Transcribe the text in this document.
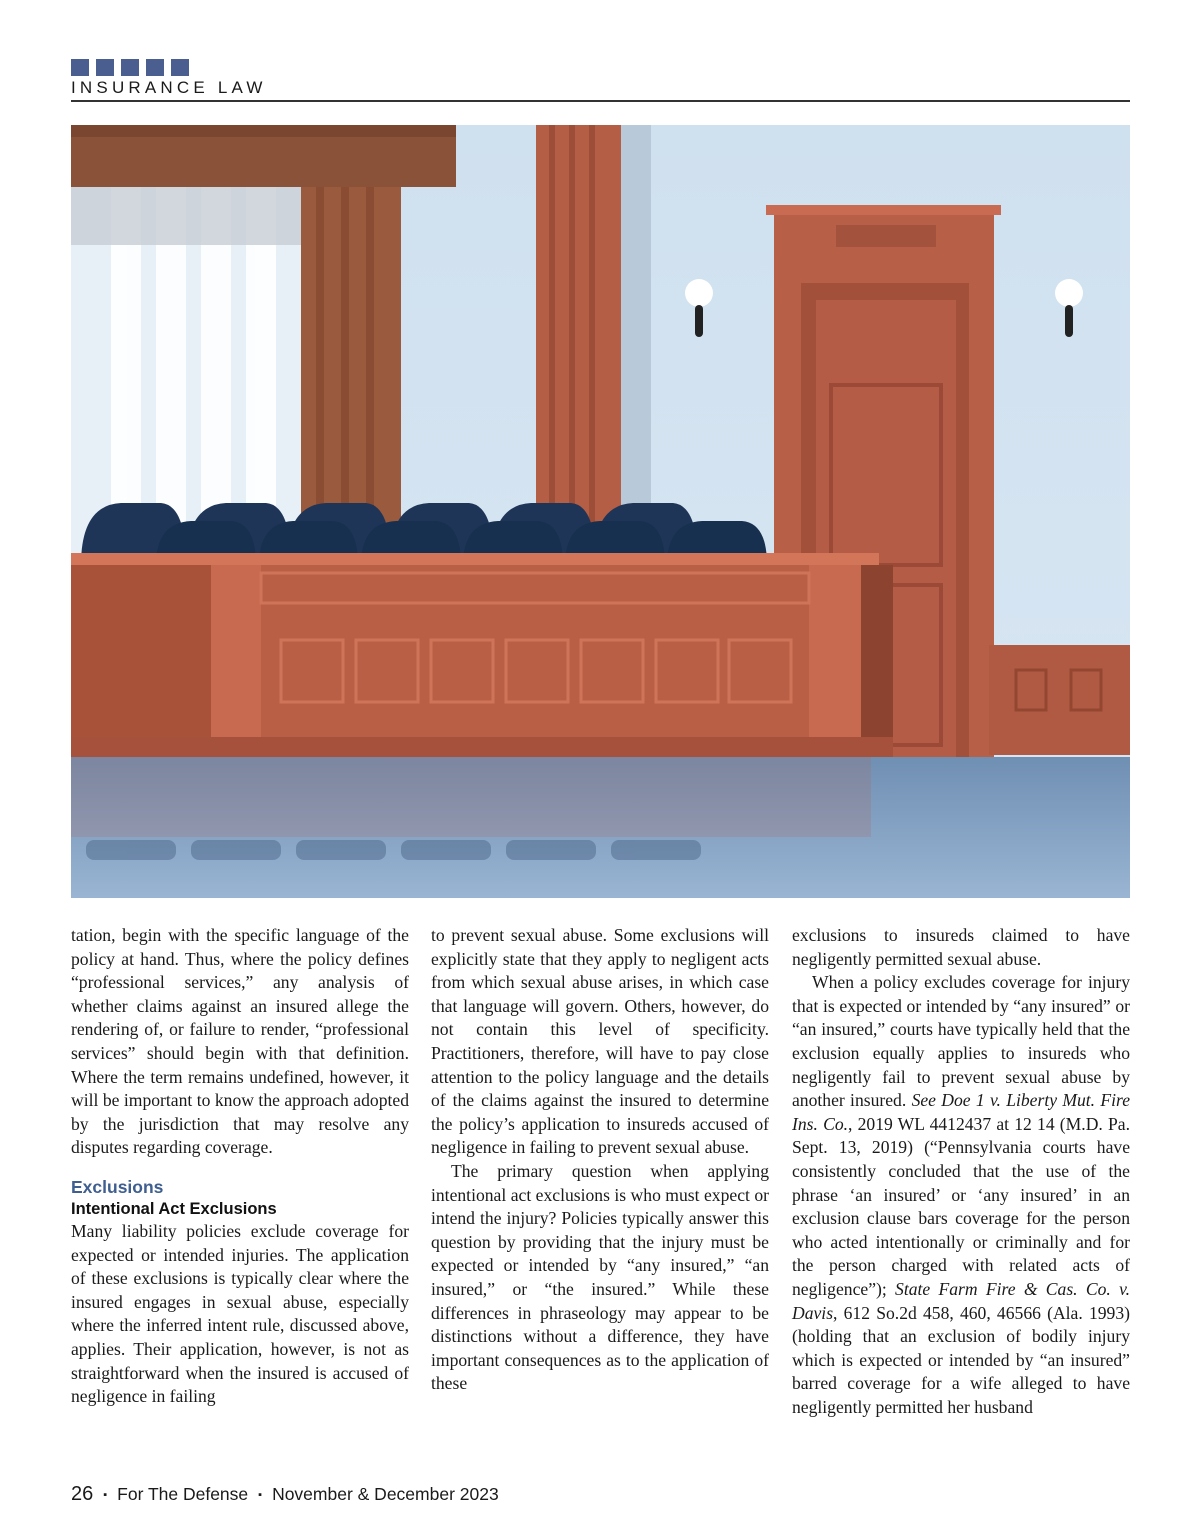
INSURANCE LAW

tation, begin with the specific language of the policy at hand. Thus, where the policy defines “professional services,” any analysis of whether claims against an insured allege the rendering of, or failure to render, “professional services” should begin with that definition. Where the term remains undefined, however, it will be important to know the approach adopted by the jurisdiction that may resolve any disputes regarding coverage.

Exclusions
Intentional Act Exclusions

Many liability policies exclude coverage for expected or intended injuries. The application of these exclusions is typically clear where the insured engages in sexual abuse, especially where the inferred intent rule, discussed above, applies. Their application, however, is not as straightforward when the insured is accused of negligence in failing

to prevent sexual abuse. Some exclusions will explicitly state that they apply to negligent acts from which sexual abuse arises, in which case that language will govern. Others, however, do not contain this level of specificity. Practitioners, therefore, will have to pay close attention to the policy language and the details of the claims against the insured to determine the policy’s application to insureds accused of negligence in failing to prevent sexual abuse.

The primary question when applying intentional act exclusions is who must expect or intend the injury? Policies typically answer this question by providing that the injury must be expected or intended by “any insured,” “an insured,” or “the insured.” While these differences in phraseology may appear to be distinctions without a difference, they have important consequences as to the application of these

exclusions to insureds claimed to have negligently permitted sexual abuse.

When a policy excludes coverage for injury that is expected or intended by “any insured” or “an insured,” courts have typically held that the exclusion equally applies to insureds who negligently fail to prevent sexual abuse by another insured. See Doe 1 v. Liberty Mut. Fire Ins. Co., 2019 WL 4412437 at 12 14 (M.D. Pa. Sept. 13, 2019) (“Pennsylvania courts have consistently concluded that the use of the phrase ‘an insured’ or ‘any insured’ in an exclusion clause bars coverage for the person who acted intentionally or criminally and for the person charged with related acts of negligence”); State Farm Fire & Cas. Co. v. Davis, 612 So.2d 458, 460, 46566 (Ala. 1993) (holding that an exclusion of bodily injury which is expected or intended by “an insured” barred coverage for a wife alleged to have negligently permitted her husband

26 ▪ For The Defense ▪ November & December 2023
